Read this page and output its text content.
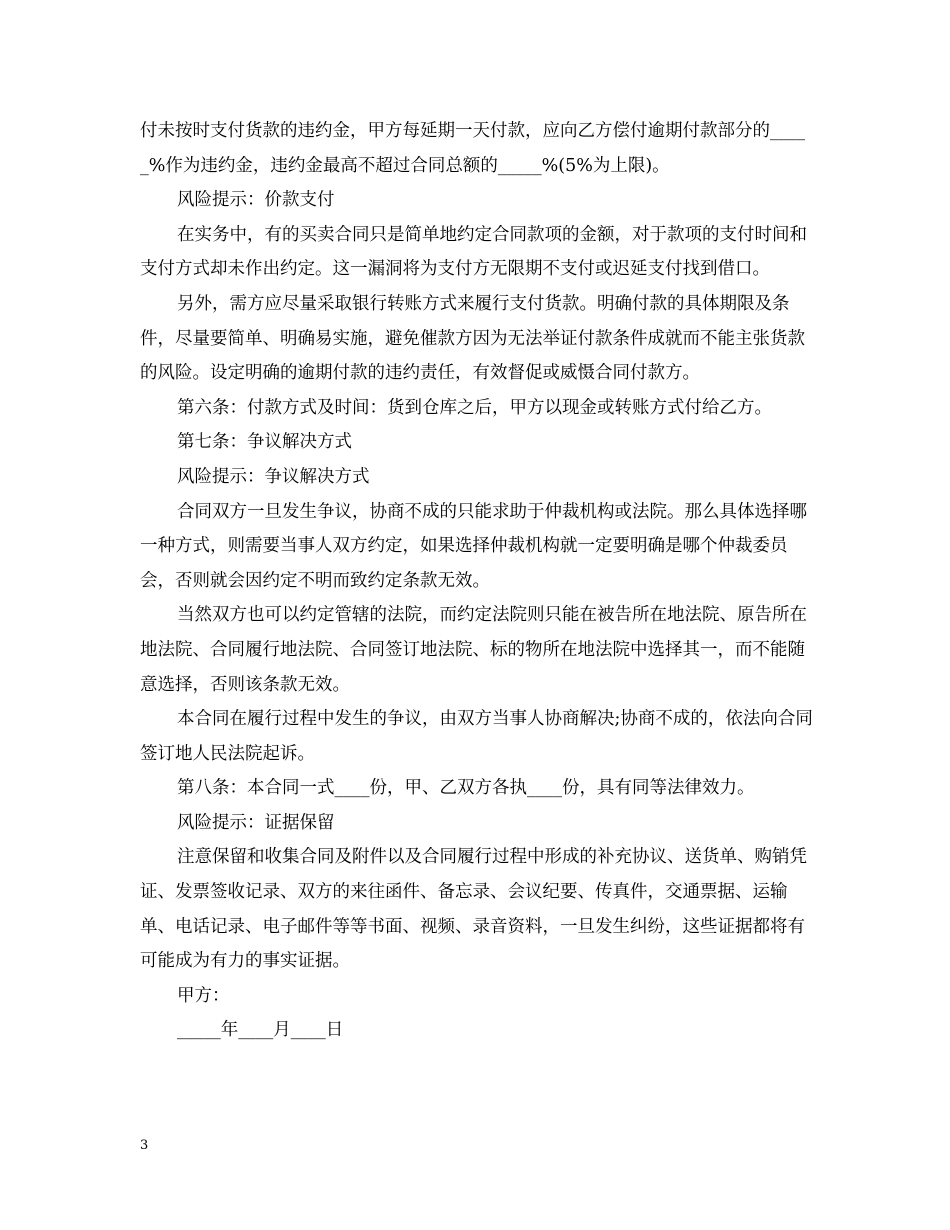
付未按时支付货款的违约金，甲方每延期一天付款，应向乙方偿付逾期付款部分的_____%作为违约金，违约金最高不超过合同总额的_____%(5%为上限)。

风险提示：价款支付

在实务中，有的买卖合同只是简单地约定合同款项的金额，对于款项的支付时间和支付方式却未作出约定。这一漏洞将为支付方无限期不支付或迟延支付找到借口。

另外，需方应尽量采取银行转账方式来履行支付货款。明确付款的具体期限及条件，尽量要简单、明确易实施，避免催款方因为无法举证付款条件成就而不能主张货款的风险。设定明确的逾期付款的违约责任，有效督促或威慑合同付款方。

第六条：付款方式及时间：货到仓库之后，甲方以现金或转账方式付给乙方。

第七条：争议解决方式

风险提示：争议解决方式

合同双方一旦发生争议，协商不成的只能求助于仲裁机构或法院。那么具体选择哪一种方式，则需要当事人双方约定，如果选择仲裁机构就一定要明确是哪个仲裁委员会，否则就会因约定不明而致约定条款无效。

当然双方也可以约定管辖的法院，而约定法院则只能在被告所在地法院、原告所在地法院、合同履行地法院、合同签订地法院、标的物所在地法院中选择其一，而不能随意选择，否则该条款无效。

本合同在履行过程中发生的争议，由双方当事人协商解决;协商不成的，依法向合同签订地人民法院起诉。

第八条：本合同一式____份，甲、乙双方各执____份，具有同等法律效力。

风险提示：证据保留

注意保留和收集合同及附件以及合同履行过程中形成的补充协议、送货单、购销凭证、发票签收记录、双方的来往函件、备忘录、会议纪要、传真件，交通票据、运输单、电话记录、电子邮件等等书面、视频、录音资料，一旦发生纠纷，这些证据都将有可能成为有力的事实证据。

甲方：

_____年____月____日

3
